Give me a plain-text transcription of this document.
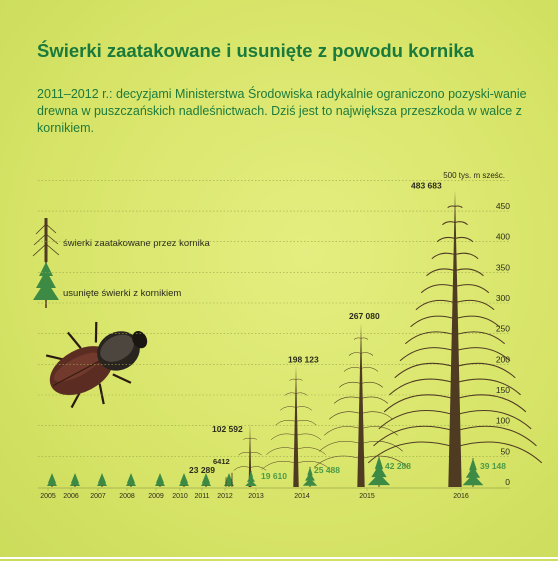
Świerki zaatakowane i usunięte z powodu kornika

2011–2012 r.: decyzjami Ministerstwa Środowiska radykalnie ograniczono pozyski-wanie drewna w puszczańskich nadleśnictwach. Dziś jest to największa przeszkoda w walce z kornikiem.

świerki zaatakowane przez kornika
usunięte świerki z kornikiem
500 tys. m sześc.
0
50
100
150
200
250
300
350
400
450
2005 2006 2007 2008 2009 2010 2011 2012 2013	2014	2015	2016
6412
23 289
102 592
198 123
267 080
483 683
19 610
25 488	42 288	39 148
